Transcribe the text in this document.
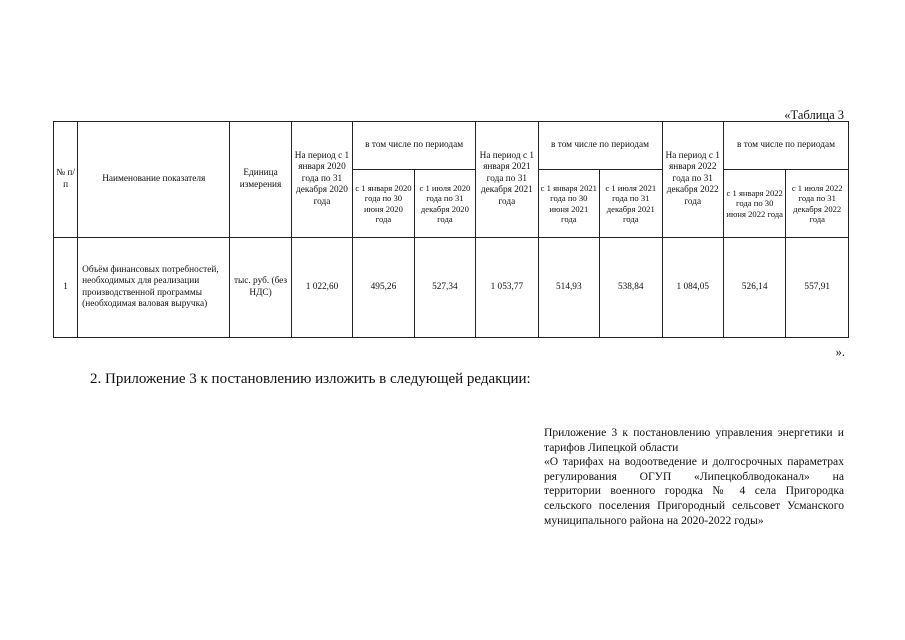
«Таблица 3
№ п/п	Наименование показателя	Единица измерения	На период с 1 января 2020 года по 31 декабря 2020 года	в том числе по периодам		На период с 1 января 2021 года по 31 декабря 2021 года	в том числе по периодам		На период с 1 января 2022 года по 31 декабря 2022 года	в том числе по периодам	
				с 1 января 2020 года по 30 июня 2020 года	с 1 июля 2020 года по 31 декабря 2020 года		с 1 января 2021 года по 30 июня 2021 года	с 1 июля 2021 года по 31 декабря 2021 года		с 1 января 2022 года по 30 июня 2022 года	с 1 июля 2022 года по 31 декабря 2022 года
1	Объём финансовых потребностей, необходимых для реализации производственной программы (необходимая валовая выручка)	тыс. руб. (без НДС)	1 022,60	495,26	527,34	1 053,77	514,93	538,84	1 084,05	526,14	557,91
».
2. Приложение 3 к постановлению изложить в следующей редакции:

Приложение 3 к постановлению управления энергетики и тарифов Липецкой области

«О тарифах на водоотведение и долгосрочных параметрах регулирования ОГУП «Липецкоблводоканал» на территории военного городка № 4 села Пригородка сельского поселения Пригородный сельсовет Усманского муниципального района на 2020-2022 годы»
